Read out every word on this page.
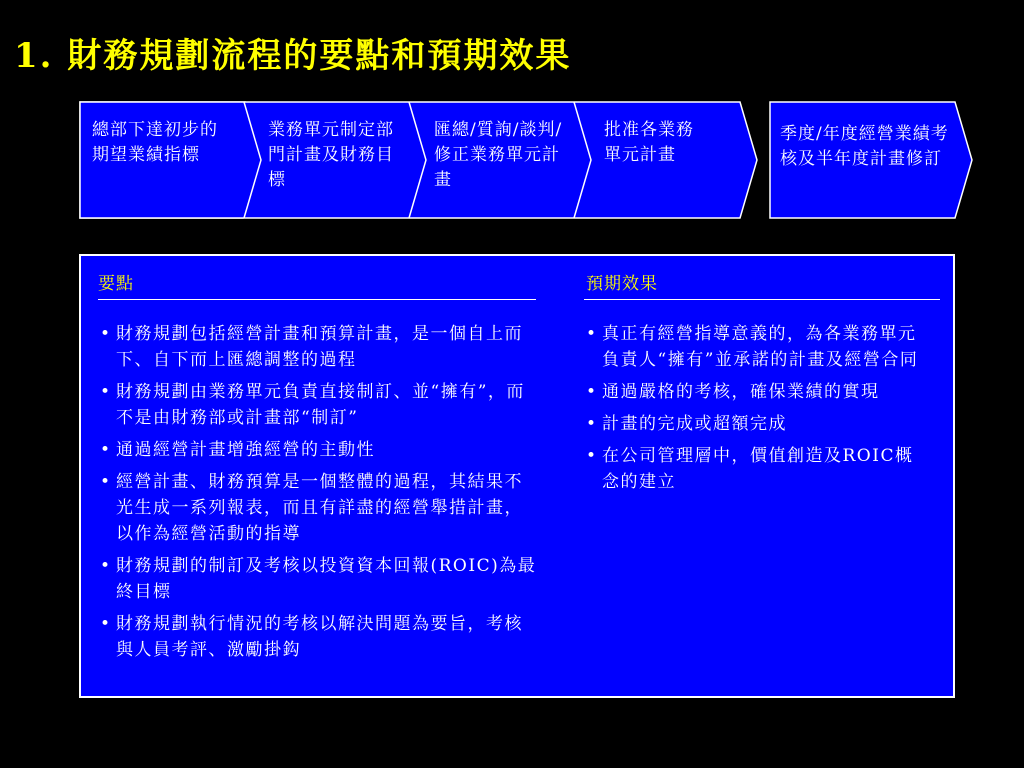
1. 財務規劃流程的要點和預期效果
總部下達初步的期望業績指標
業務單元制定部門計畫及財務目標
匯總/質詢/談判/修正業務單元計畫
批准各業務單元計畫
季度/年度經營業績考核及半年度計畫修訂
要點
• 財務規劃包括經營計畫和預算計畫，是一個自上而下、自下而上匯總調整的過程
• 財務規劃由業務單元負責直接制訂、並“擁有”，而不是由財務部或計畫部“制訂”
• 通過經營計畫增強經營的主動性
• 經營計畫、財務預算是一個整體的過程，其結果不光生成一系列報表，而且有詳盡的經營舉措計畫，以作為經營活動的指導
• 財務規劃的制訂及考核以投資資本回報(ROIC)為最終目標
• 財務規劃執行情況的考核以解決問題為要旨，考核與人員考評、激勵掛鈎
預期效果
• 真正有經營指導意義的，為各業務單元負責人“擁有”並承諾的計畫及經營合同
• 通過嚴格的考核，確保業績的實現
• 計畫的完成或超額完成
• 在公司管理層中，價值創造及ROIC概念的建立
